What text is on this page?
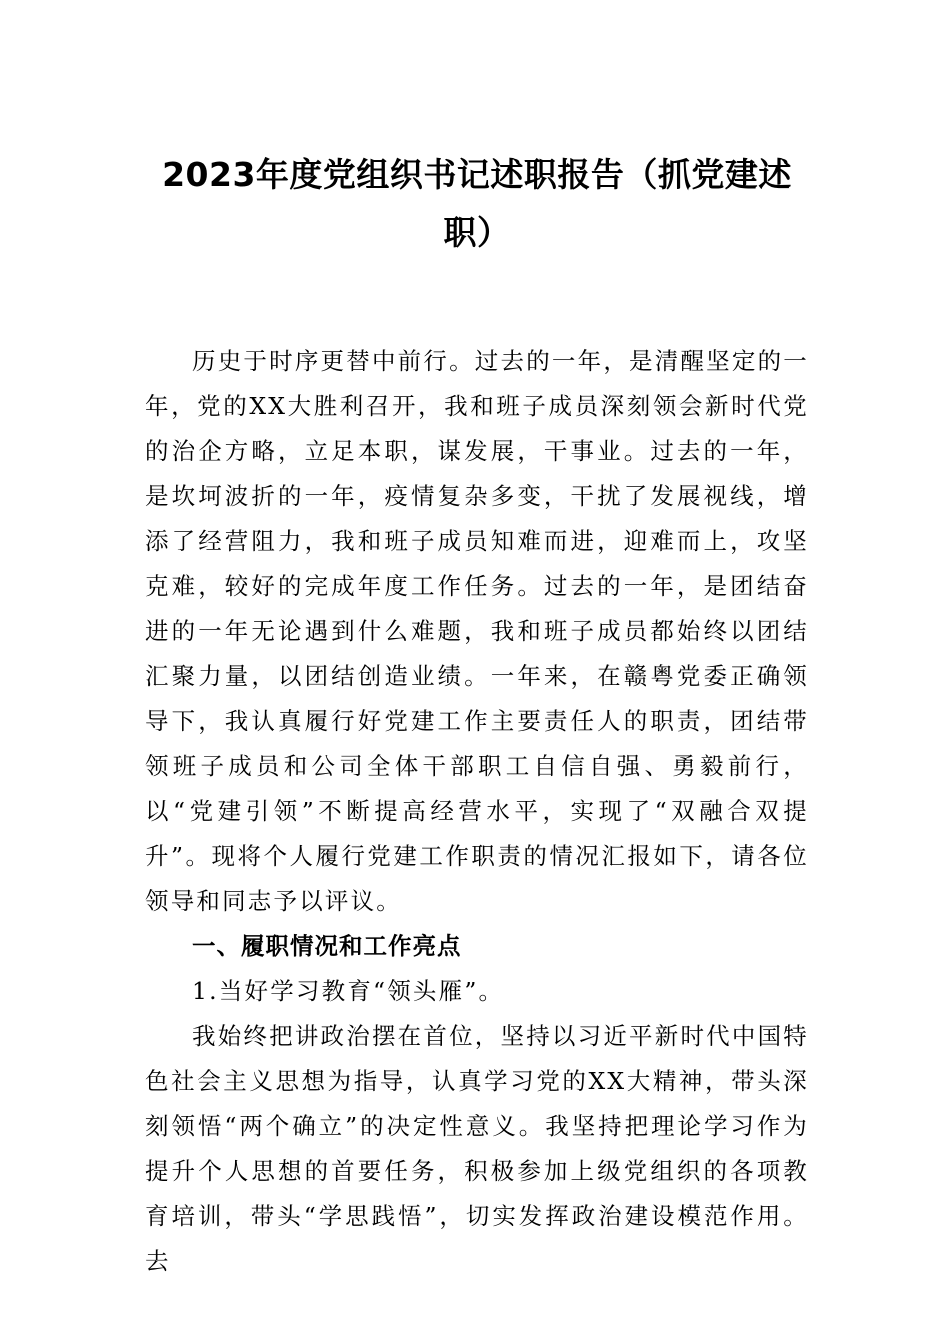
2023年度党组织书记述职报告（抓党建述
职）

历史于时序更替中前行。过去的一年，是清醒坚定的一年，党的XX大胜利召开，我和班子成员深刻领会新时代党的治企方略，立足本职，谋发展，干事业。过去的一年，是坎坷波折的一年，疫情复杂多变，干扰了发展视线，增添了经营阻力，我和班子成员知难而进，迎难而上，攻坚克难，较好的完成年度工作任务。过去的一年，是团结奋进的一年无论遇到什么难题，我和班子成员都始终以团结汇聚力量，以团结创造业绩。一年来，在赣粤党委正确领导下，我认真履行好党建工作主要责任人的职责，团结带领班子成员和公司全体干部职工自信自强、勇毅前行，以“党建引领”不断提高经营水平，实现了“双融合双提升”。现将个人履行党建工作职责的情况汇报如下，请各位领导和同志予以评议。

一、履职情况和工作亮点

1.当好学习教育“领头雁”。

我始终把讲政治摆在首位，坚持以习近平新时代中国特色社会主义思想为指导，认真学习党的XX大精神，带头深刻领悟“两个确立”的决定性意义。我坚持把理论学习作为提升个人思想的首要任务，积极参加上级党组织的各项教育培训，带头“学思践悟”，切实发挥政治建设模范作用。去
